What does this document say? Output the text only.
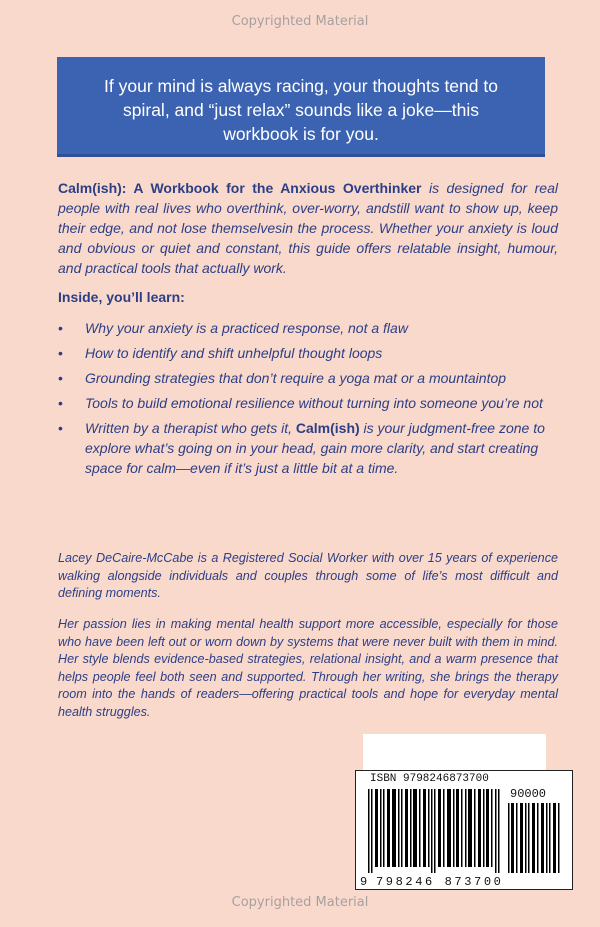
Copyrighted Material
If your mind is always racing, your thoughts tend to spiral, and “just relax” sounds like a joke—this workbook is for you.
Calm(ish): A Workbook for the Anxious Overthinker is designed for real people with real lives who overthink, over-worry, andstill want to show up, keep their edge, and not lose themselvesin the process. Whether your anxiety is loud and obvious or quiet and constant, this guide offers relatable insight, humour, and practical tools that actually work.
Inside, you’ll learn:
• Why your anxiety is a practiced response, not a flaw
• How to identify and shift unhelpful thought loops
• Grounding strategies that don’t require a yoga mat or a mountaintop
• Tools to build emotional resilience without turning into someone you’re not
• Written by a therapist who gets it, Calm(ish) is your judgment-free zone to explore what’s going on in your head, gain more clarity, and start creating space for calm—even if it’s just a little bit at a time.
Lacey DeCaire-McCabe is a Registered Social Worker with over 15 years of experience walking alongside individuals and couples through some of life’s most difficult and defining moments.
Her passion lies in making mental health support more accessible, especially for those who have been left out or worn down by systems that were never built with them in mind. Her style blends evidence-based strategies, relational insight, and a warm presence that helps people feel both seen and supported. Through her writing, she brings the therapy room into the hands of readers—offering practical tools and hope for everyday mental health struggles.
ISBN 9798246873700
90000
9 798246 873700
Copyrighted Material
